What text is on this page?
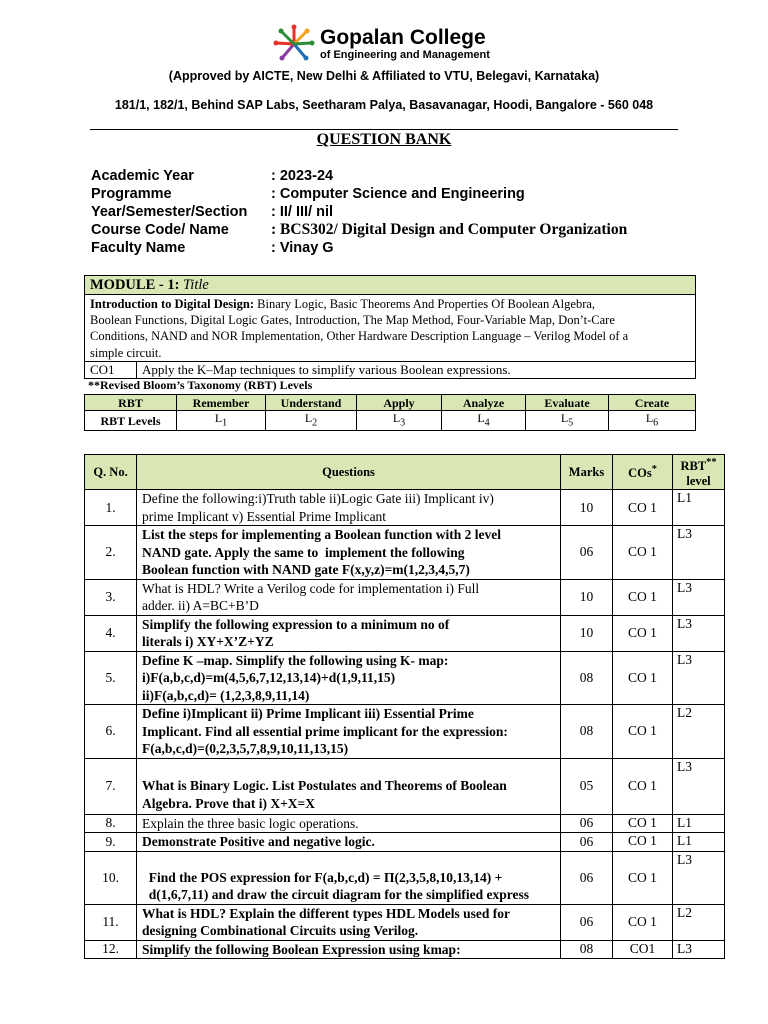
Gopalan College
of Engineering and Management
(Approved by AICTE, New Delhi & Affiliated to VTU, Belegavi, Karnataka)
181/1, 182/1, Behind SAP Labs, Seetharam Palya, Basavanagar, Hoodi, Bangalore - 560 048
QUESTION BANK
Academic Year	: 2023-24
Programme	: Computer Science and Engineering
Year/Semester/Section	: II/ III/ nil
Course Code/ Name	: BCS302/ Digital Design and Computer Organization
Faculty Name	: Vinay G
MODULE - 1: Title
Introduction to Digital Design: Binary Logic, Basic Theorems And Properties Of Boolean Algebra,
Boolean Functions, Digital Logic Gates, Introduction, The Map Method, Four-Variable Map, Don’t-Care
Conditions, NAND and NOR Implementation, Other Hardware Description Language – Verilog Model of a
simple circuit.
CO1	Apply the K–Map techniques to simplify various Boolean expressions.
**Revised Bloom’s Taxonomy (RBT) Levels
RBT	Remember	Understand	Apply	Analyze	Evaluate	Create
RBT Levels	$L_1$	$L_2$	$L_3$	$L_4$	$L_5$	$L_6$
Q. No.	Questions	Marks	COs*	RBT**
level
1.	Define the following:i)Truth table ii)Logic Gate iii) Implicant iv)
prime Implicant v) Essential Prime Implicant	10	CO 1	L1
2.	List the steps for implementing a Boolean function with 2 level
NAND gate. Apply the same to  implement the following
Boolean function with NAND gate F(x,y,z)=m(1,2,3,4,5,7)	06	CO 1	L3
3.	What is HDL? Write a Verilog code for implementation i) Full
adder. ii) A=BC+B’D	10	CO 1	L3
4.	Simplify the following expression to a minimum no of
literals i) XY+X’Z+YZ	10	CO 1	L3
5.	Define K –map. Simplify the following using K- map:
i)F(a,b,c,d)=m(4,5,6,7,12,13,14)+d(1,9,11,15)
ii)F(a,b,c,d)= (1,2,3,8,9,11,14)	08	CO 1	L3
6.	Define i)Implicant ii) Prime Implicant iii) Essential Prime
Implicant. Find all essential prime implicant for the expression:
F(a,b,c,d)=(0,2,3,5,7,8,9,10,11,13,15)	08	CO 1	L2
7.	What is Binary Logic. List Postulates and Theorems of Boolean
Algebra. Prove that i) X+X=X	05	CO 1	L3
8.	Explain the three basic logic operations.	06	CO 1	L1
9.	Demonstrate Positive and negative logic.	06	CO 1	L1
10.	Find the POS expression for F(a,b,c,d) = Π(2,3,5,8,10,13,14) +
d(1,6,7,11) and draw the circuit diagram for the simplified express	06	CO 1	L3
11.	What is HDL? Explain the different types HDL Models used for
designing Combinational Circuits using Verilog.	06	CO 1	L2
12.	Simplify the following Boolean Expression using kmap:	08	CO1	L3
